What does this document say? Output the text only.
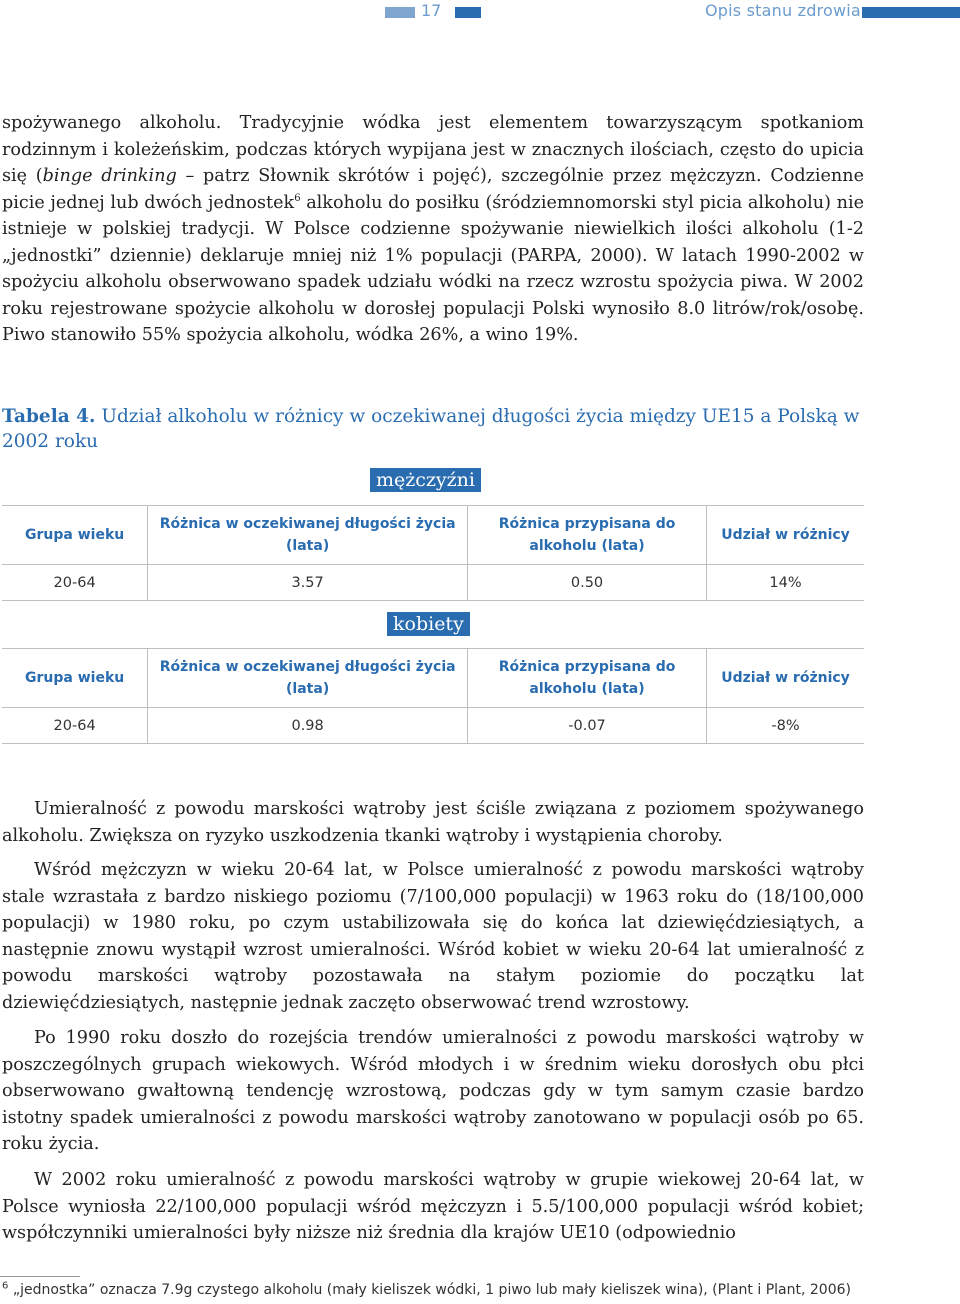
17	Opis stanu zdrowia

spożywanego alkoholu. Tradycyjnie wódka jest elementem towarzyszącym spotkaniom rodzinnym i koleżeńskim, podczas których wypijana jest w znacznych ilościach, często do upicia się (binge drinking – patrz Słownik skrótów i pojęć), szczególnie przez mężczyzn. Codzienne picie jednej lub dwóch jednostek$^6$ alkoholu do posiłku (śródziemnomorski styl picia alkoholu) nie istnieje w polskiej tradycji. W Polsce codzienne spożywanie niewielkich ilości alkoholu (1-2 „jednostki” dziennie) deklaruje mniej niż 1% populacji (PARPA, 2000). W latach 1990-2002 w spożyciu alkoholu obserwowano spadek udziału wódki na rzecz wzrostu spożycia piwa. W 2002 roku rejestrowane spożycie alkoholu w dorosłej populacji Polski wynosiło 8.0 litrów/rok/osobę. Piwo stanowiło 55% spożycia alkoholu, wódka 26%, a wino 19%.

Tabela 4. Udział alkoholu w różnicy w oczekiwanej długości życia między UE15 a Polską w 2002 roku
mężczyźni
Grupa wieku	Różnica w oczekiwanej długości życia (lata)	Różnica przypisana do alkoholu (lata)	Udział w różnicy
20-64	3.57	0.50	14%
kobiety
Grupa wieku	Różnica w oczekiwanej długości życia (lata)	Różnica przypisana do alkoholu (lata)	Udział w różnicy
20-64	0.98	-0.07	-8%

Umieralność z powodu marskości wątroby jest ściśle związana z poziomem spożywanego alkoholu. Zwiększa on ryzyko uszkodzenia tkanki wątroby i wystąpienia choroby.

Wśród mężczyzn w wieku 20-64 lat, w Polsce umieralność z powodu marskości wątroby stale wzrastała z bardzo niskiego poziomu (7/100,000 populacji) w 1963 roku do (18/100,000 populacji) w 1980 roku, po czym ustabilizowała się do końca lat dziewięćdziesiątych, a następnie znowu wystąpił wzrost umieralności. Wśród kobiet w wieku 20-64 lat umieralność z powodu marskości wątroby pozostawała na stałym poziomie do początku lat dziewięćdziesiątych, następnie jednak zaczęto obserwować trend wzrostowy.

Po 1990 roku doszło do rozejścia trendów umieralności z powodu marskości wątroby w poszczególnych grupach wiekowych. Wśród młodych i w średnim wieku dorosłych obu płci obserwowano gwałtowną tendencję wzrostową, podczas gdy w tym samym czasie bardzo istotny spadek umieralności z powodu marskości wątroby zanotowano w populacji osób po 65. roku życia.

W 2002 roku umieralność z powodu marskości wątroby w grupie wiekowej 20-64 lat, w Polsce wyniosła 22/100,000 populacji wśród mężczyzn i 5.5/100,000 populacji wśród kobiet; współczynniki umieralności były niższe niż średnia dla krajów UE10 (odpowiednio

$^6$ „jednostka” oznacza 7.9g czystego alkoholu (mały kieliszek wódki, 1 piwo lub mały kieliszek wina), (Plant i Plant, 2006)
